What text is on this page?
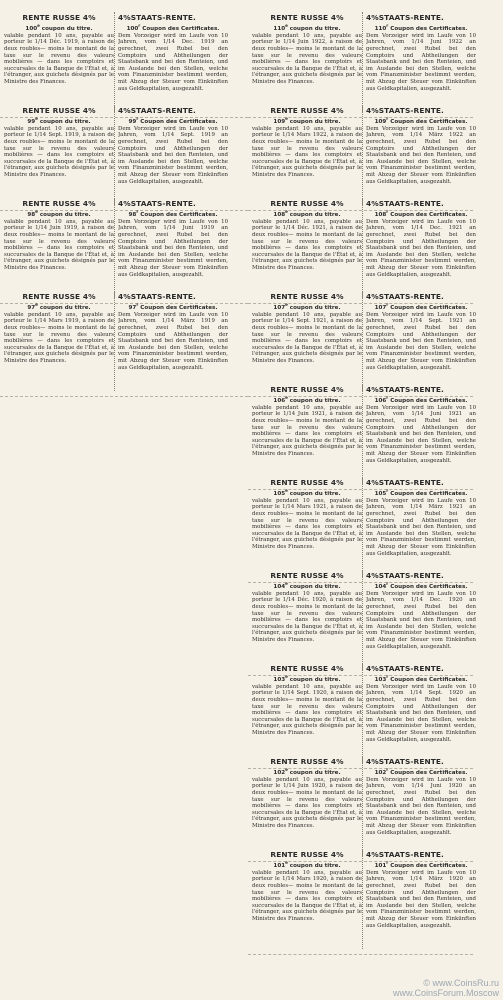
RENTE RUSSE 4%
100e coupon du titre.
valable pendant 10 ans, payable au porteur le 1/14 Déc. 1919, à raison de deux roubles— moins le montant de la taxe sur le revenu des valeurs mobilières — dans les comptoirs et succursales de la Banque de l'État et, à l'étranger, aux guichets désignés par le Ministre des Finances.
4%STAATS-RENTE.
100$^r$ Coupon des Certificates.
Dem Vorzeiger wird im Laufe von 10 Jahren, vom 1/14 Dec. 1919 an gerechnet, zwei Rubel bei den Comptoirs und Abtheilungen der Staatsbank und bei den Renteien, und im Auslande bei den Stellen, welche vom Finanzminister bestimmt werden, mit Abzug der Steuer vom Einkünften aus Geldkapitalien, ausgezahlt.
RENTE RUSSE 4%
99e coupon du titre.
valable pendant 10 ans, payable au porteur le 1/14 Sept. 1919, à raison de deux roubles— moins le montant de la taxe sur le revenu des valeurs mobilières — dans les comptoirs et succursales de la Banque de l'État et, à l'étranger, aux guichets désignés par le Ministre des Finances.
4%STAATS-RENTE.
99$^r$ Coupon des Certificates.
Dem Vorzeiger wird im Laufe von 10 Jahren, vom 1/14 Sept. 1919 an gerechnet, zwei Rubel bei den Comptoirs und Abtheilungen der Staatsbank und bei den Renteien, und im Auslande bei den Stellen, welche vom Finanzminister bestimmt werden, mit Abzug der Steuer vom Einkünften aus Geldkapitalien, ausgezahlt.
RENTE RUSSE 4%
98e coupon du titre.
valable pendant 10 ans, payable au porteur le 1/14 Juin 1919, à raison de deux roubles— moins le montant de la taxe sur le revenu des valeurs mobilières — dans les comptoirs et succursales de la Banque de l'État et, à l'étranger, aux guichets désignés par le Ministre des Finances.
4%STAATS-RENTE.
98$^r$ Coupon des Certificates.
Dem Vorzeiger wird im Laufe von 10 Jahren, vom 1/14 Juni 1919 an gerechnet, zwei Rubel bei den Comptoirs und Abtheilungen der Staatsbank und bei den Renteien, und im Auslande bei den Stellen, welche vom Finanzminister bestimmt werden, mit Abzug der Steuer vom Einkünften aus Geldkapitalien, ausgezahlt.
RENTE RUSSE 4%
97e coupon du titre.
valable pendant 10 ans, payable au porteur le 1/14 Mars 1919, à raison de deux roubles— moins le montant de la taxe sur le revenu des valeurs mobilières — dans les comptoirs et succursales de la Banque de l'État et, à l'étranger, aux guichets désignés par le Ministre des Finances.
4%STAATS-RENTE.
97$^r$ Coupon des Certificates.
Dem Vorzeiger wird im Laufe von 10 Jahren, vom 1/14 März 1919 an gerechnet, zwei Rubel bei den Comptoirs und Abtheilungen der Staatsbank und bei den Renteien, und im Auslande bei den Stellen, welche vom Finanzminister bestimmt werden, mit Abzug der Steuer vom Einkünften aus Geldkapitalien, ausgezahlt.
RENTE RUSSE 4%
110e coupon du titre.
valable pendant 10 ans, payable au porteur le 1/14 Juin 1922, à raison de deux roubles— moins le montant de la taxe sur le revenu des valeurs mobilières — dans les comptoirs et succursales de la Banque de l'État et, à l'étranger, aux guichets désignés par le Ministre des Finances.
4%STAATS-RENTE.
110$^r$ Coupon des Certificates.
Dem Vorzeiger wird im Laufe von 10 Jahren, vom 1/14 Juni 1922 an gerechnet, zwei Rubel bei den Comptoirs und Abtheilungen der Staatsbank und bei den Renteien, und im Auslande bei den Stellen, welche vom Finanzminister bestimmt werden, mit Abzug der Steuer vom Einkünften aus Geldkapitalien, ausgezahlt.
RENTE RUSSE 4%
109e coupon du titre.
valable pendant 10 ans, payable au porteur le 1/14 Mars 1922, à raison de deux roubles— moins le montant de la taxe sur le revenu des valeurs mobilières — dans les comptoirs et succursales de la Banque de l'État et, à l'étranger, aux guichets désignés par le Ministre des Finances.
4%STAATS-RENTE.
109$^r$ Coupon des Certificates.
Dem Vorzeiger wird im Laufe von 10 Jahren, vom 1/14 März 1922 an gerechnet, zwei Rubel bei den Comptoirs und Abtheilungen der Staatsbank und bei den Renteien, und im Auslande bei den Stellen, welche vom Finanzminister bestimmt werden, mit Abzug der Steuer vom Einkünften aus Geldkapitalien, ausgezahlt.
RENTE RUSSE 4%
108e coupon du titre.
valable pendant 10 ans, payable au porteur le 1/14 Déc. 1921, à raison de deux roubles— moins le montant de la taxe sur le revenu des valeurs mobilières — dans les comptoirs et succursales de la Banque de l'État et, à l'étranger, aux guichets désignés par le Ministre des Finances.
4%STAATS-RENTE.
108$^r$ Coupon des Certificates.
Dem Vorzeiger wird im Laufe von 10 Jahren, vom 1/14 Dec. 1921 an gerechnet, zwei Rubel bei den Comptoirs und Abtheilungen der Staatsbank und bei den Renteien, und im Auslande bei den Stellen, welche vom Finanzminister bestimmt werden, mit Abzug der Steuer vom Einkünften aus Geldkapitalien, ausgezahlt.
RENTE RUSSE 4%
107e coupon du titre.
valable pendant 10 ans, payable au porteur le 1/14 Sept. 1921, à raison de deux roubles— moins le montant de la taxe sur le revenu des valeurs mobilières — dans les comptoirs et succursales de la Banque de l'État et, à l'étranger, aux guichets désignés par le Ministre des Finances.
4%STAATS-RENTE.
107$^r$ Coupon des Certificates.
Dem Vorzeiger wird im Laufe von 10 Jahren, vom 1/14 Sept. 1921 an gerechnet, zwei Rubel bei den Comptoirs und Abtheilungen der Staatsbank und bei den Renteien, und im Auslande bei den Stellen, welche vom Finanzminister bestimmt werden, mit Abzug der Steuer vom Einkünften aus Geldkapitalien, ausgezahlt.
RENTE RUSSE 4%
106e coupon du titre.
valable pendant 10 ans, payable au porteur le 1/14 Juin 1921, à raison de deux roubles— moins le montant de la taxe sur le revenu des valeurs mobilières — dans les comptoirs et succursales de la Banque de l'État et, à l'étranger, aux guichets désignés par le Ministre des Finances.
4%STAATS-RENTE.
106$^r$ Coupon des Certificates.
Dem Vorzeiger wird im Laufe von 10 Jahren, vom 1/14 Juni 1921 an gerechnet, zwei Rubel bei den Comptoirs und Abtheilungen der Staatsbank und bei den Renteien, und im Auslande bei den Stellen, welche vom Finanzminister bestimmt werden, mit Abzug der Steuer vom Einkünften aus Geldkapitalien, ausgezahlt.
RENTE RUSSE 4%
105e coupon du titre.
valable pendant 10 ans, payable au porteur le 1/14 Mars 1921, à raison de deux roubles— moins le montant de la taxe sur le revenu des valeurs mobilières — dans les comptoirs et succursales de la Banque de l'État et, à l'étranger, aux guichets désignés par le Ministre des Finances.
4%STAATS-RENTE.
105$^r$ Coupon des Certificates.
Dem Vorzeiger wird im Laufe von 10 Jahren, vom 1/14 März 1921 an gerechnet, zwei Rubel bei den Comptoirs und Abtheilungen der Staatsbank und bei den Renteien, und im Auslande bei den Stellen, welche vom Finanzminister bestimmt werden, mit Abzug der Steuer vom Einkünften aus Geldkapitalien, ausgezahlt.
RENTE RUSSE 4%
104e coupon du titre.
valable pendant 10 ans, payable au porteur le 1/14 Déc. 1920, à raison de deux roubles— moins le montant de la taxe sur le revenu des valeurs mobilières — dans les comptoirs et succursales de la Banque de l'État et, à l'étranger, aux guichets désignés par le Ministre des Finances.
4%STAATS-RENTE.
104$^r$ Coupon des Certificates.
Dem Vorzeiger wird im Laufe von 10 Jahren, vom 1/14 Dec. 1920 an gerechnet, zwei Rubel bei den Comptoirs und Abtheilungen der Staatsbank und bei den Renteien, und im Auslande bei den Stellen, welche vom Finanzminister bestimmt werden, mit Abzug der Steuer vom Einkünften aus Geldkapitalien, ausgezahlt.
RENTE RUSSE 4%
103e coupon du titre.
valable pendant 10 ans, payable au porteur le 1/14 Sept. 1920, à raison de deux roubles— moins le montant de la taxe sur le revenu des valeurs mobilières — dans les comptoirs et succursales de la Banque de l'État et, à l'étranger, aux guichets désignés par le Ministre des Finances.
4%STAATS-RENTE.
103$^r$ Coupon des Certificates.
Dem Vorzeiger wird im Laufe von 10 Jahren, vom 1/14 Sept. 1920 an gerechnet, zwei Rubel bei den Comptoirs und Abtheilungen der Staatsbank und bei den Renteien, und im Auslande bei den Stellen, welche vom Finanzminister bestimmt werden, mit Abzug der Steuer vom Einkünften aus Geldkapitalien, ausgezahlt.
RENTE RUSSE 4%
102e coupon du titre.
valable pendant 10 ans, payable au porteur le 1/14 Juin 1920, à raison de deux roubles— moins le montant de la taxe sur le revenu des valeurs mobilières — dans les comptoirs et succursales de la Banque de l'État et, à l'étranger, aux guichets désignés par le Ministre des Finances.
4%STAATS-RENTE.
102$^r$ Coupon des Certificates.
Dem Vorzeiger wird im Laufe von 10 Jahren, vom 1/14 Juni 1920 an gerechnet, zwei Rubel bei den Comptoirs und Abtheilungen der Staatsbank und bei den Renteien, und im Auslande bei den Stellen, welche vom Finanzminister bestimmt werden, mit Abzug der Steuer vom Einkünften aus Geldkapitalien, ausgezahlt.
RENTE RUSSE 4%
101e coupon du titre.
valable pendant 10 ans, payable au porteur le 1/14 Mars 1920, à raison de deux roubles— moins le montant de la taxe sur le revenu des valeurs mobilières — dans les comptoirs et succursales de la Banque de l'État et, à l'étranger, aux guichets désignés par le Ministre des Finances.
4%STAATS-RENTE.
101$^r$ Coupon des Certificates.
Dem Vorzeiger wird im Laufe von 10 Jahren, vom 1/14 März 1920 an gerechnet, zwei Rubel bei den Comptoirs und Abtheilungen der Staatsbank und bei den Renteien, und im Auslande bei den Stellen, welche vom Finanzminister bestimmt werden, mit Abzug der Steuer vom Einkünften aus Geldkapitalien, ausgezahlt.
© www.CoinsRu.ru
www.CoinsForum.Moscow
